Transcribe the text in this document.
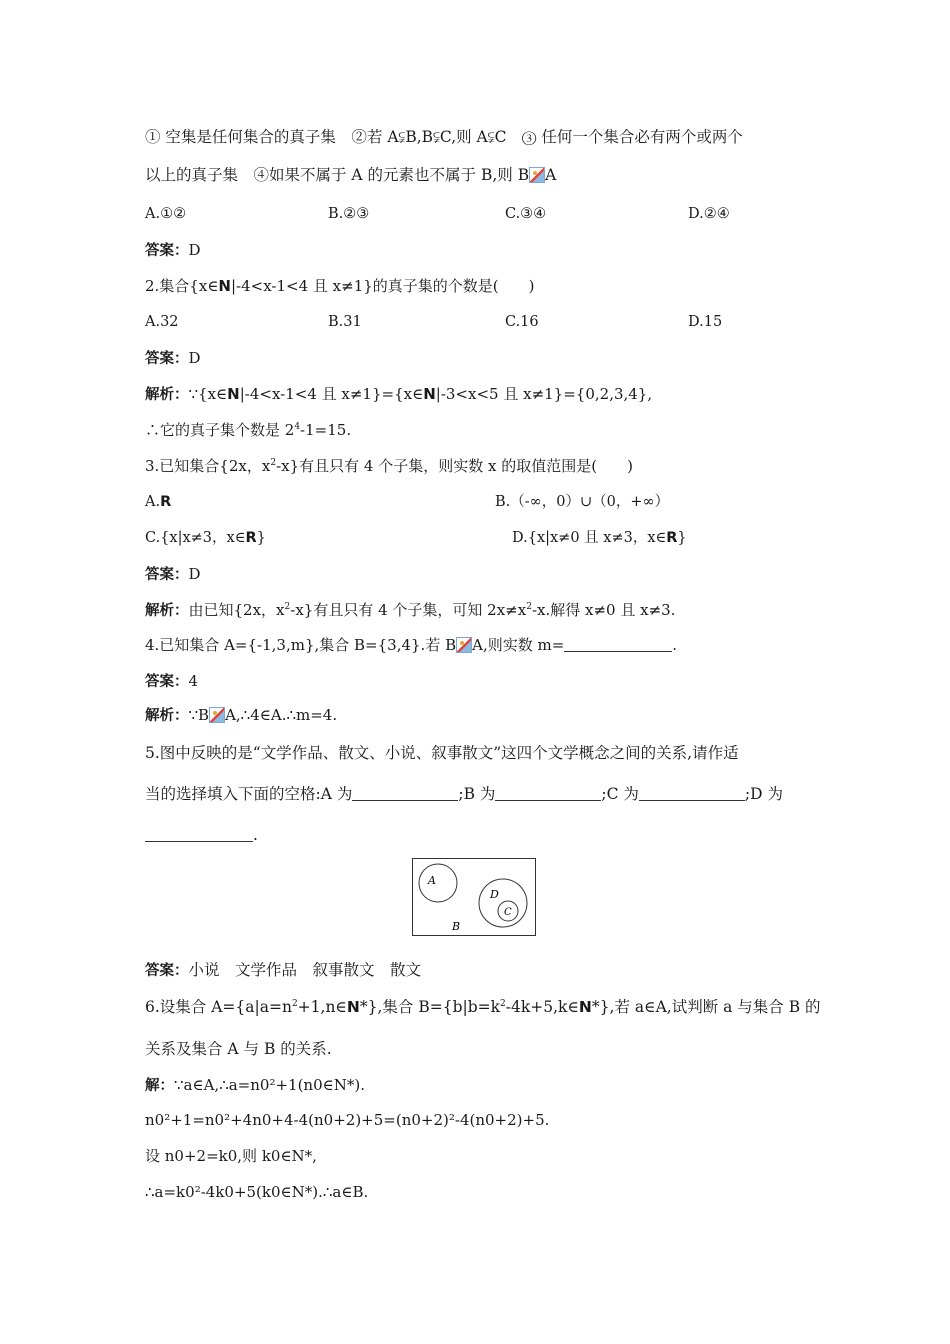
① 空集是任何集合的真子集　②若 A⫋B,B⫋C,则 A⫋C　③ 任何一个集合必有两个或两个
以上的真子集　④如果不属于 A 的元素也不属于 B,则 B A
A.①②	B.②③	C.③④	D.②④
答案：D
2.集合{x∈N|-4<x-1<4 且 x≠1}的真子集的个数是(　　)
A.32	B.31	C.16	D.15
答案：D
解析：∵{x∈N|-4<x-1<4 且 x≠1}={x∈N|-3<x<5 且 x≠1}={0,2,3,4},
∴它的真子集个数是 $2^4-1=15$.
3.已知集合{2x，$x^2-x$}有且只有 4 个子集，则实数 x 的取值范围是(　　)
A.R	B.（-∞，0）∪（0，+∞）
C.{x|x≠3，x∈R}	D.{x|x≠0 且 x≠3，x∈R}
答案：D
解析：由已知{2x，$x^2-x$}有且只有 4 个子集，可知 $2x\ne x^2-x$.解得 x≠0 且 x≠3.
4.已知集合 A={-1,3,m},集合 B={3,4}.若 B A,则实数 m=	.
答案：4
解析：∵B A,∴4∈A.∴m=4.
5.图中反映的是“文学作品、散文、小说、叙事散文”这四个文学概念之间的关系,请作适
当的选择填入下面的空格:A 为	;B 为	;C 为	;D 为
.
A
B
C
D
答案：小说　文学作品　叙事散文　散文
6.设集合 $A=\{a|a=n^2+1,n\in N*\}$,集合 $B=\{b|b=k^2-4k+5,k\in N*\}$,若 a∈A,试判断 a 与集合 B 的
关系及集合 A 与 B 的关系.
解：∵a∈A,∴a=n0²+1(n0∈N*).
n0²+1=n0²+4n0+4-4(n0+2)+5=(n0+2)²-4(n0+2)+5.
设 n0+2=k0,则 k0∈N*,
∴a=k0²-4k0+5(k0∈N*).∴a∈B.
